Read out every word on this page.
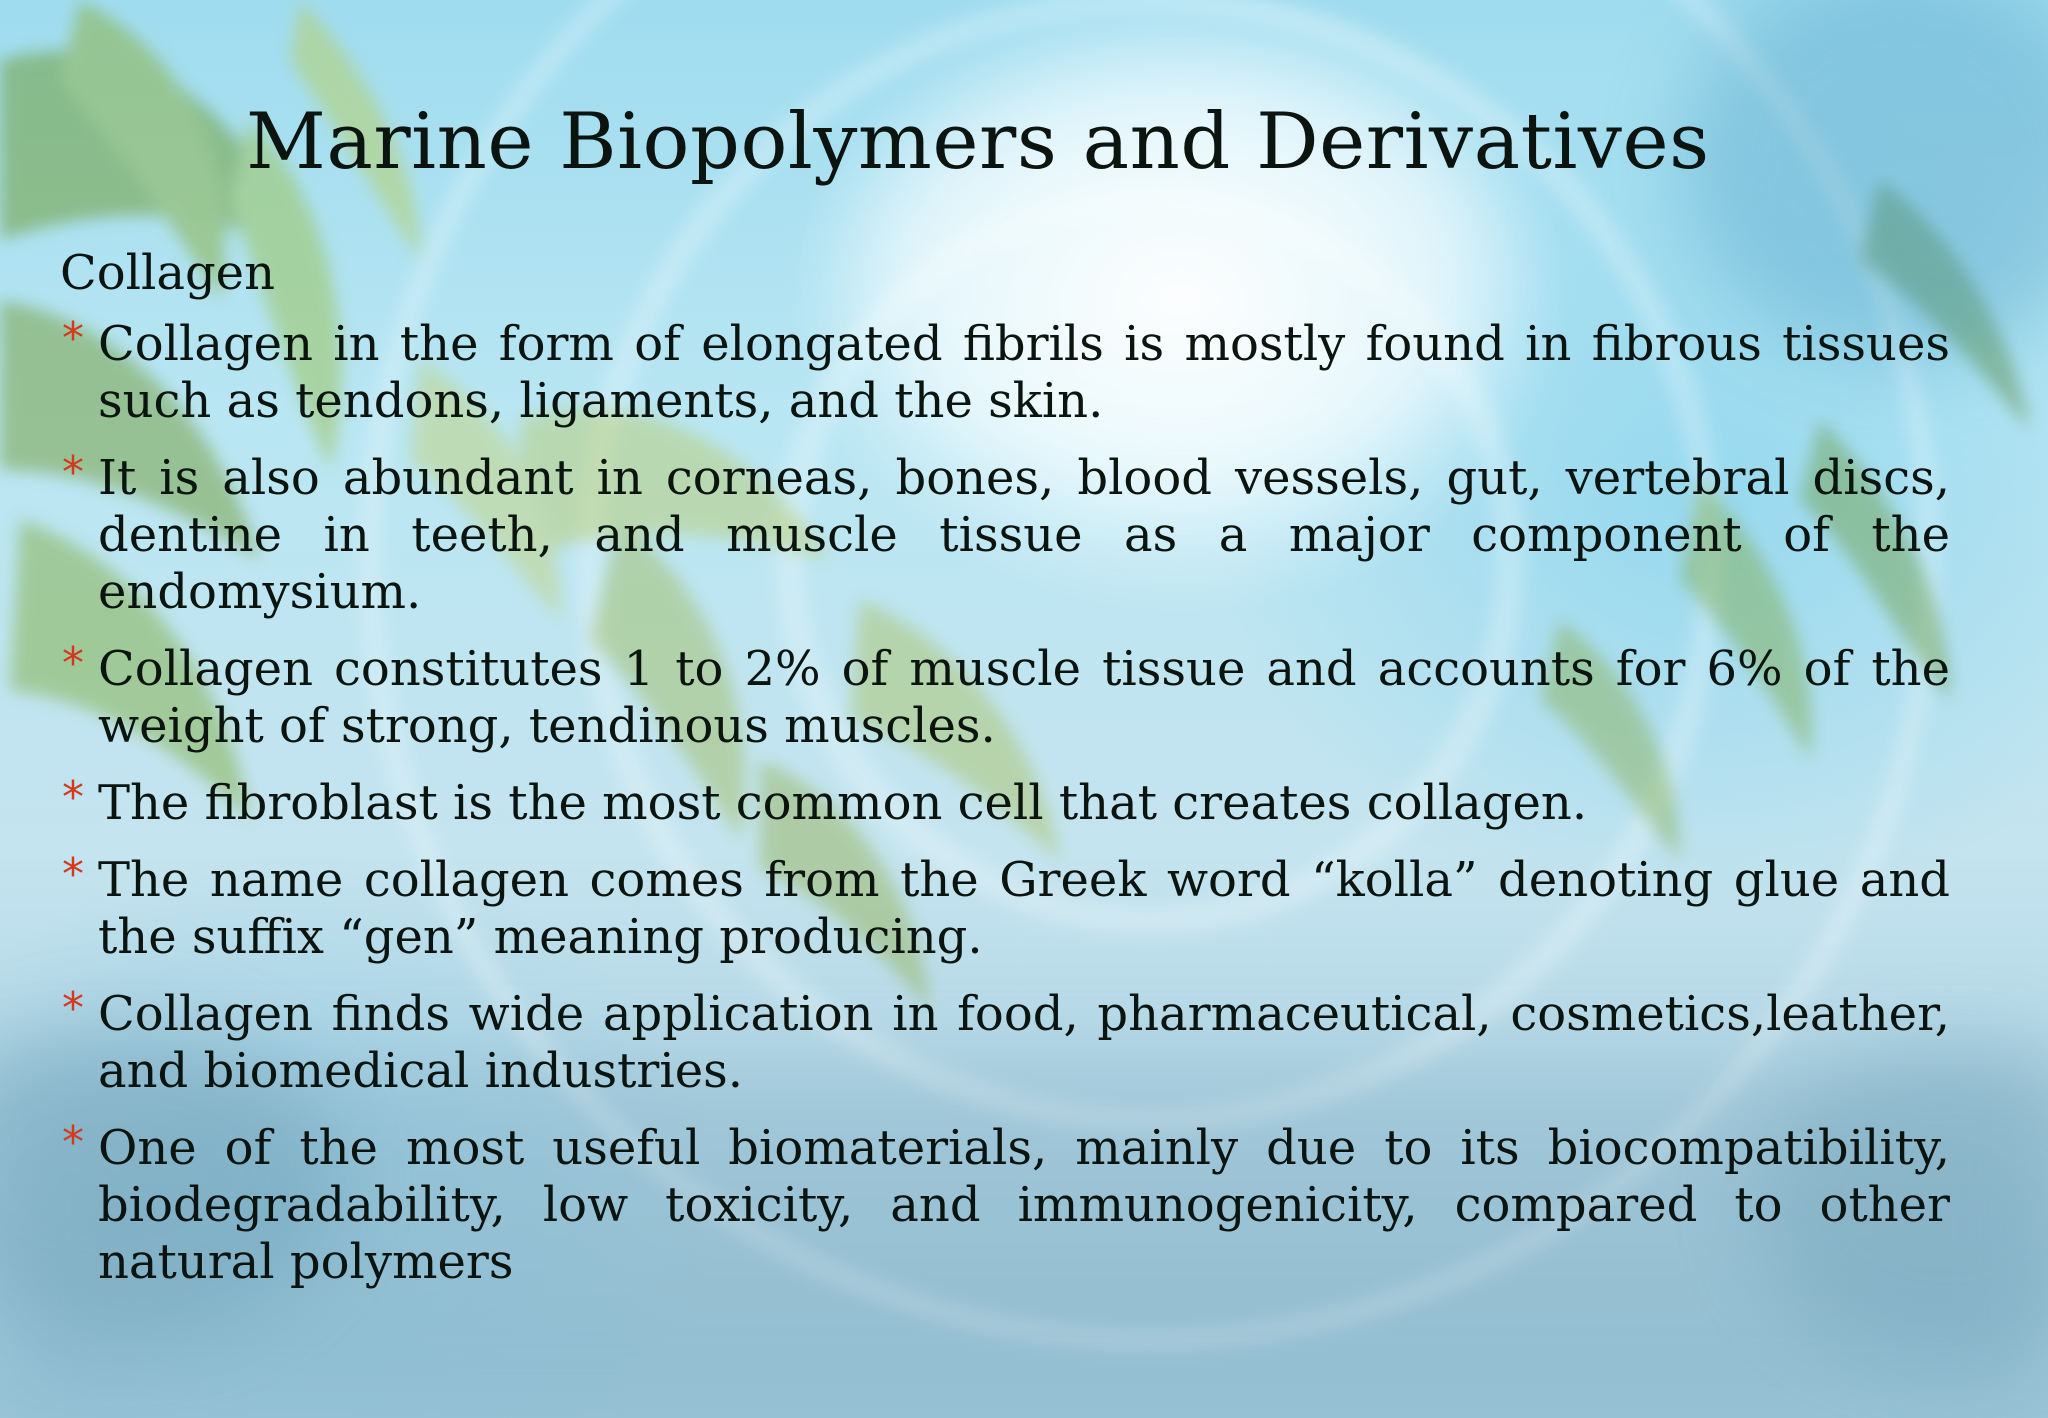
Marine Biopolymers and Derivatives
Collagen
* Collagen in the form of elongated fibrils is mostly found in fibrous tissues such as tendons, ligaments, and the skin.
* It is also abundant in corneas, bones, blood vessels, gut, vertebral discs, dentine in teeth, and muscle tissue as a major component of the endomysium.
* Collagen constitutes 1 to 2% of muscle tissue and accounts for 6% of the weight of strong, tendinous muscles.
* The fibroblast is the most common cell that creates collagen.
* The name collagen comes from the Greek word “kolla” denoting glue and the suffix “gen” meaning producing.
* Collagen finds wide application in food, pharmaceutical, cosmetics,leather, and biomedical industries.
* One of the most useful biomaterials, mainly due to its biocompatibility, biodegradability, low toxicity, and immunogenicity, compared to other natural polymers
